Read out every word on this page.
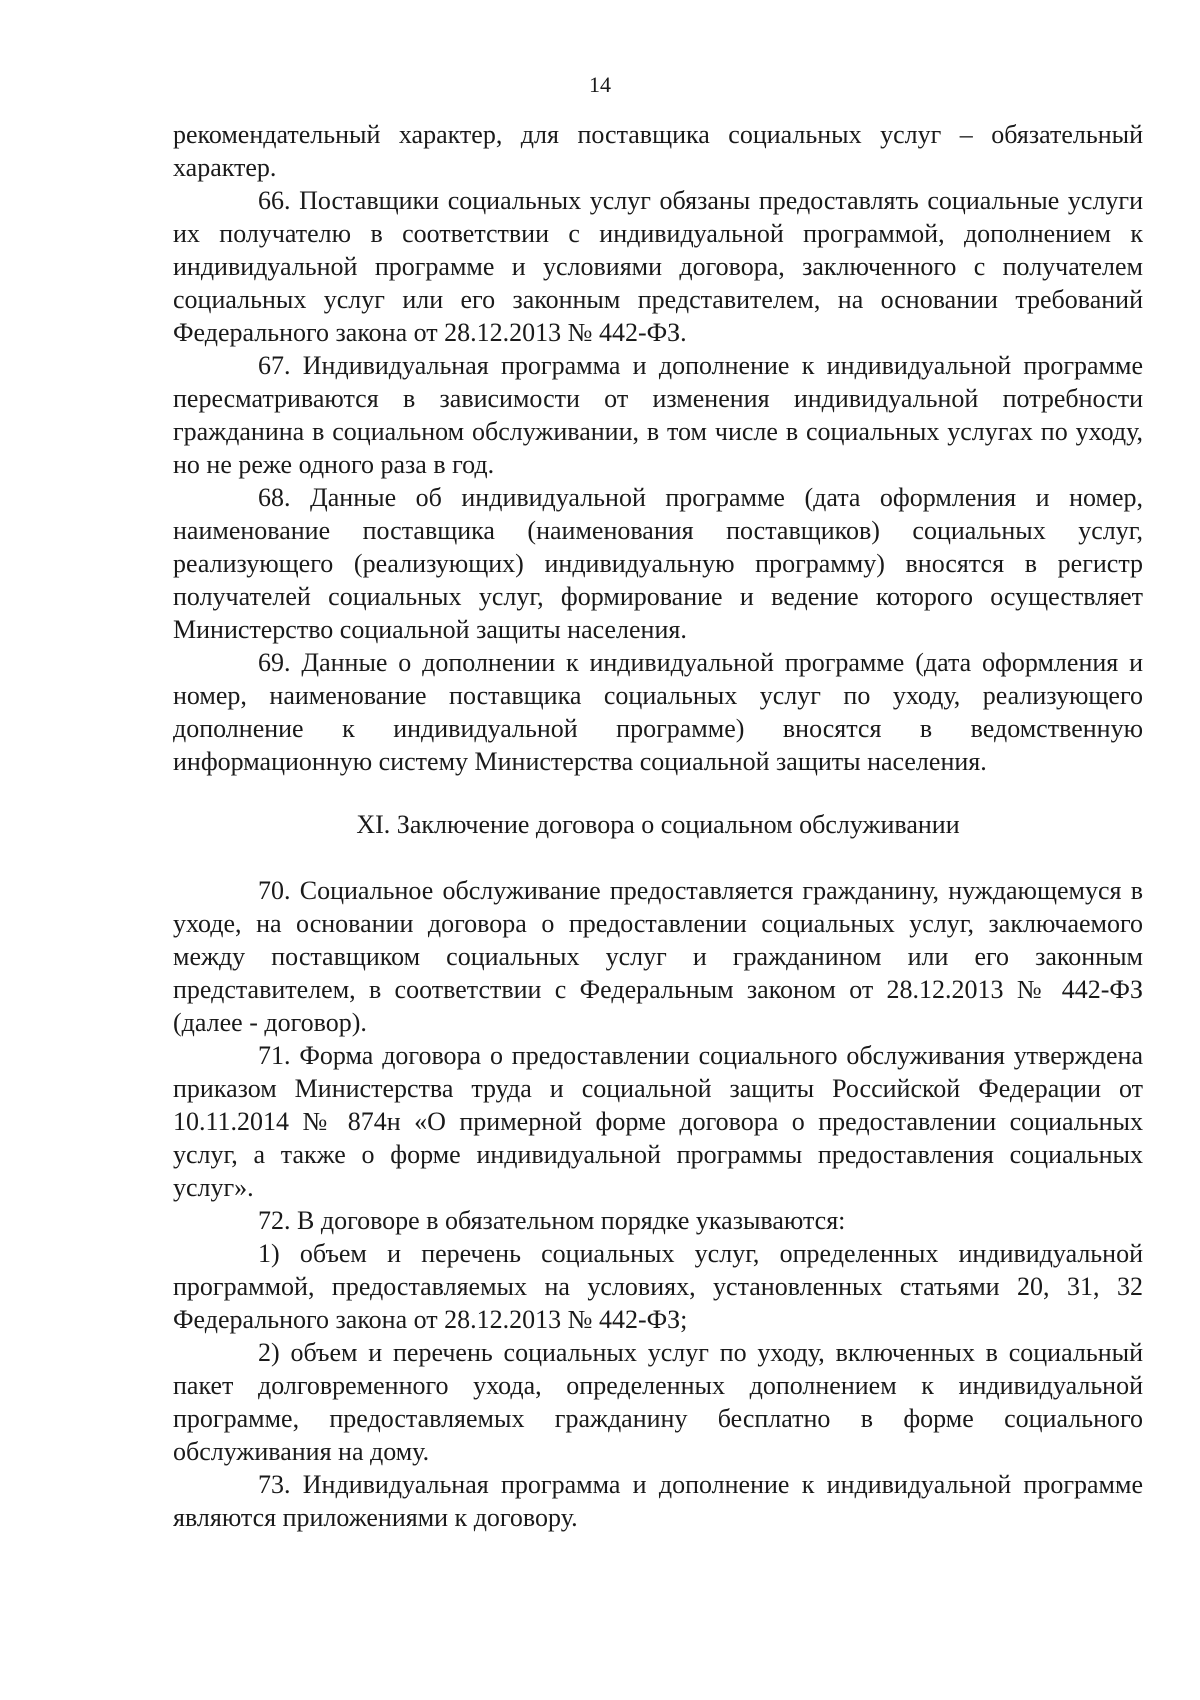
14

рекомендательный характер, для поставщика социальных услуг – обязательный характер.

66. Поставщики социальных услуг обязаны предоставлять социальные услуги их получателю в соответствии с индивидуальной программой, дополнением к индивидуальной программе и условиями договора, заключенного с получателем социальных услуг или его законным представителем, на основании требований Федерального закона от 28.12.2013 № 442-ФЗ.

67. Индивидуальная программа и дополнение к индивидуальной программе пересматриваются в зависимости от изменения индивидуальной потребности гражданина в социальном обслуживании, в том числе в социальных услугах по уходу, но не реже одного раза в год.

68. Данные об индивидуальной программе (дата оформления и номер, наименование поставщика (наименования поставщиков) социальных услуг, реализующего (реализующих) индивидуальную программу) вносятся в регистр получателей социальных услуг, формирование и ведение которого осуществляет Министерство социальной защиты населения.

69. Данные о дополнении к индивидуальной программе (дата оформления и номер, наименование поставщика социальных услуг по уходу, реализующего дополнение к индивидуальной программе) вносятся в ведомственную информационную систему Министерства социальной защиты населения.

XI. Заключение договора о социальном обслуживании

70. Социальное обслуживание предоставляется гражданину, нуждающемуся в уходе, на основании договора о предоставлении социальных услуг, заключаемого между поставщиком социальных услуг и гражданином или его законным представителем, в соответствии с Федеральным законом от 28.12.2013 № 442-ФЗ (далее - договор).

71. Форма договора о предоставлении социального обслуживания утверждена приказом Министерства труда и социальной защиты Российской Федерации от 10.11.2014 № 874н «О примерной форме договора о предоставлении социальных услуг, а также о форме индивидуальной программы предоставления социальных услуг».

72. В договоре в обязательном порядке указываются:

1) объем и перечень социальных услуг, определенных индивидуальной программой, предоставляемых на условиях, установленных статьями 20, 31, 32 Федерального закона от 28.12.2013 № 442-ФЗ;

2) объем и перечень социальных услуг по уходу, включенных в социальный пакет долговременного ухода, определенных дополнением к индивидуальной программе, предоставляемых гражданину бесплатно в форме социального обслуживания на дому.

73. Индивидуальная программа и дополнение к индивидуальной программе являются приложениями к договору.
